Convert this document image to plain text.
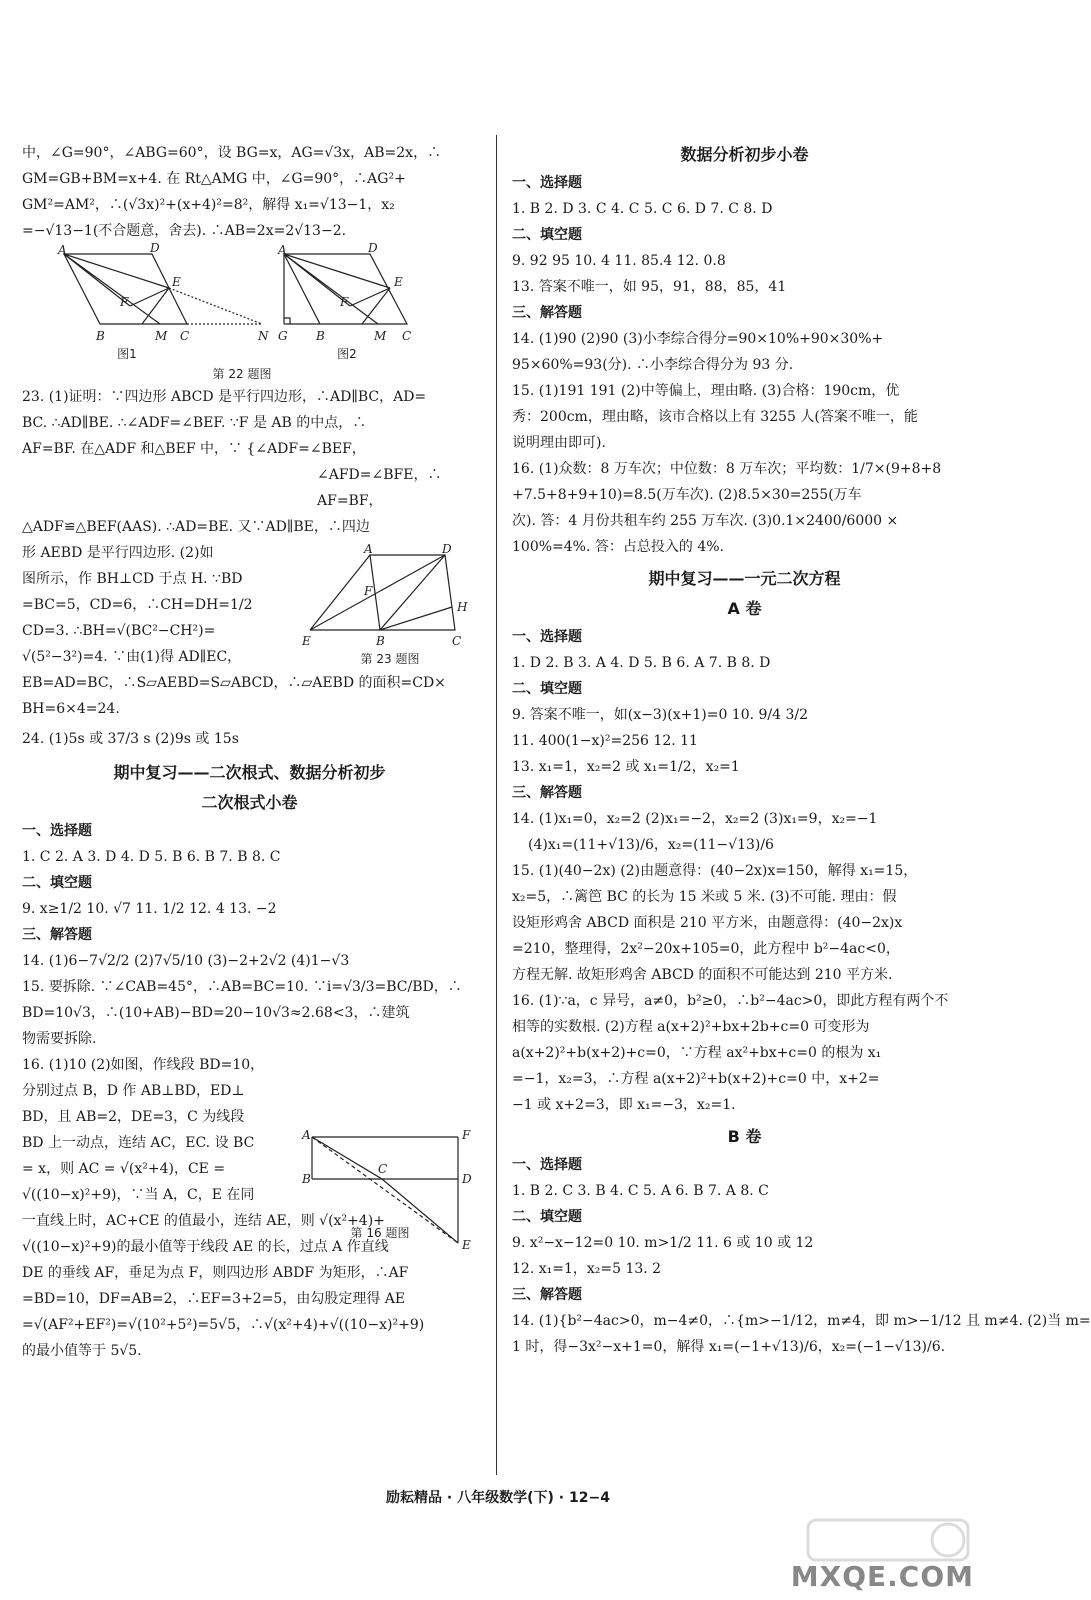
中，∠G=90°，∠ABG=60°，设 BG=x，AG=√3x，AB=2x，∴
GM=GB+BM=x+4. 在 Rt△AMG 中，∠G=90°，∴AG²+
GM²=AM²，∴(√3x)²+(x+4)²=8²，解得 x₁=√13−1，x₂
=−√13−1(不合题意，舍去). ∴AB=2x=2√13−2.
A	D
E
F
B	M C	N
A	D
E
F
G B	M C
图1	图2
第 22 题图
23. (1)证明：∵四边形 ABCD 是平行四边形，∴AD∥BC，AD=
BC. ∴AD∥BE. ∴∠ADF=∠BEF. ∵F 是 AB 的中点，∴
AF=BF. 在△ADF 和△BEF 中，∵ {∠ADF=∠BEF，
∠AFD=∠BFE，∴
AF=BF，
△ADF≌△BEF(AAS). ∴AD=BE. 又∵AD∥BE，∴四边
形 AEBD 是平行四边形. (2)如
图所示，作 BH⊥CD 于点 H. ∵BD
=BC=5，CD=6，∴CH=DH=1/2
CD=3. ∴BH=√(BC²−CH²)=
√(5²−3²)=4. ∵由(1)得 AD∥EC，
EB=AD=BC，∴S▱AEBD=S▱ABCD，∴▱AEBD 的面积=CD×
BH=6×4=24.
24. (1)5s 或 37/3 s (2)9s 或 15s
期中复习——二次根式、数据分析初步
二次根式小卷
一、选择题
1. C 2. A 3. D 4. D 5. B 6. B 7. B 8. C
二、填空题
9. x≥1/2 10. √7 11. 1/2 12. 4 13. −2
三、解答题
14. (1)6−7√2/2 (2)7√5/10 (3)−2+2√2 (4)1−√3
15. 要拆除. ∵∠CAB=45°，∴AB=BC=10. ∵i=√3/3=BC/BD，∴
BD=10√3，∴(10+AB)−BD=20−10√3≈2.68<3，∴建筑
物需要拆除.
16. (1)10 (2)如图，作线段 BD=10，
分别过点 B，D 作 AB⊥BD，ED⊥
BD，且 AB=2，DE=3，C 为线段
BD 上一动点，连结 AC，EC. 设 BC
= x，则 AC = √(x²+4)，CE =
√((10−x)²+9)，∵当 A，C，E 在同
一直线上时，AC+CE 的值最小，连结 AE，则 √(x²+4)+
√((10−x)²+9)的最小值等于线段 AE 的长，过点 A 作直线
DE 的垂线 AF，垂足为点 F，则四边形 ABDF 为矩形，∴AF
=BD=10，DF=AB=2，∴EF=3+2=5，由勾股定理得 AE
=√(AF²+EF²)=√(10²+5²)=5√5，∴√(x²+4)+√((10−x)²+9)
的最小值等于 5√5.
A	D
F
H
E	B	C
第 23 题图
A	F
C
D
B
E
第 16 题图
数据分析初步小卷
一、选择题
1. B 2. D 3. C 4. C 5. C 6. D 7. C 8. D
二、填空题
9. 92 95 10. 4 11. 85.4 12. 0.8
13. 答案不唯一，如 95，91，88，85，41
三、解答题
14. (1)90 (2)90 (3)小李综合得分=90×10%+90×30%+
95×60%=93(分). ∴小李综合得分为 93 分.
15. (1)191 191 (2)中等偏上，理由略. (3)合格：190cm，优
秀：200cm，理由略，该市合格以上有 3255 人(答案不唯一，能
说明理由即可).
16. (1)众数：8 万车次；中位数：8 万车次；平均数：1/7×(9+8+8
+7.5+8+9+10)=8.5(万车次). (2)8.5×30=255(万车
次). 答：4 月份共租车约 255 万车次. (3)0.1×2400/6000 ×
100%=4%. 答：占总投入的 4%.
期中复习——一元二次方程
A 卷
一、选择题
1. D 2. B 3. A 4. D 5. B 6. A 7. B 8. D
二、填空题
9. 答案不唯一，如(x−3)(x+1)=0 10. 9/4 3/2
11. 400(1−x)²=256 12. 11
13. x₁=1，x₂=2 或 x₁=1/2，x₂=1
三、解答题
14. (1)x₁=0，x₂=2 (2)x₁=−2，x₂=2 (3)x₁=9，x₂=−1
(4)x₁=(11+√13)/6，x₂=(11−√13)/6
15. (1)(40−2x) (2)由题意得：(40−2x)x=150，解得 x₁=15，
x₂=5，∴篱笆 BC 的长为 15 米或 5 米. (3)不可能. 理由：假
设矩形鸡舍 ABCD 面积是 210 平方米，由题意得：(40−2x)x
=210，整理得，2x²−20x+105=0，此方程中 b²−4ac<0，
方程无解. 故矩形鸡舍 ABCD 的面积不可能达到 210 平方米.
16. (1)∵a，c 异号，a≠0，b²≥0，∴b²−4ac>0，即此方程有两个不
相等的实数根. (2)方程 a(x+2)²+bx+2b+c=0 可变形为
a(x+2)²+b(x+2)+c=0，∵方程 ax²+bx+c=0 的根为 x₁
=−1，x₂=3，∴方程 a(x+2)²+b(x+2)+c=0 中，x+2=
−1 或 x+2=3，即 x₁=−3，x₂=1.
B 卷
一、选择题
1. B 2. C 3. B 4. C 5. A 6. B 7. A 8. C
二、填空题
9. x²−x−12=0 10. m>1/2 11. 6 或 10 或 12
12. x₁=1，x₂=5 13. 2
三、解答题
14. (1){b²−4ac>0，m−4≠0，∴{m>−1/12，m≠4，即 m>−1/12 且 m≠4. (2)当 m=
1 时，得−3x²−x+1=0，解得 x₁=(−1+√13)/6，x₂=(−1−√13)/6.
励耘精品 · 八年级数学(下) · 12−4
MXQE.COM
